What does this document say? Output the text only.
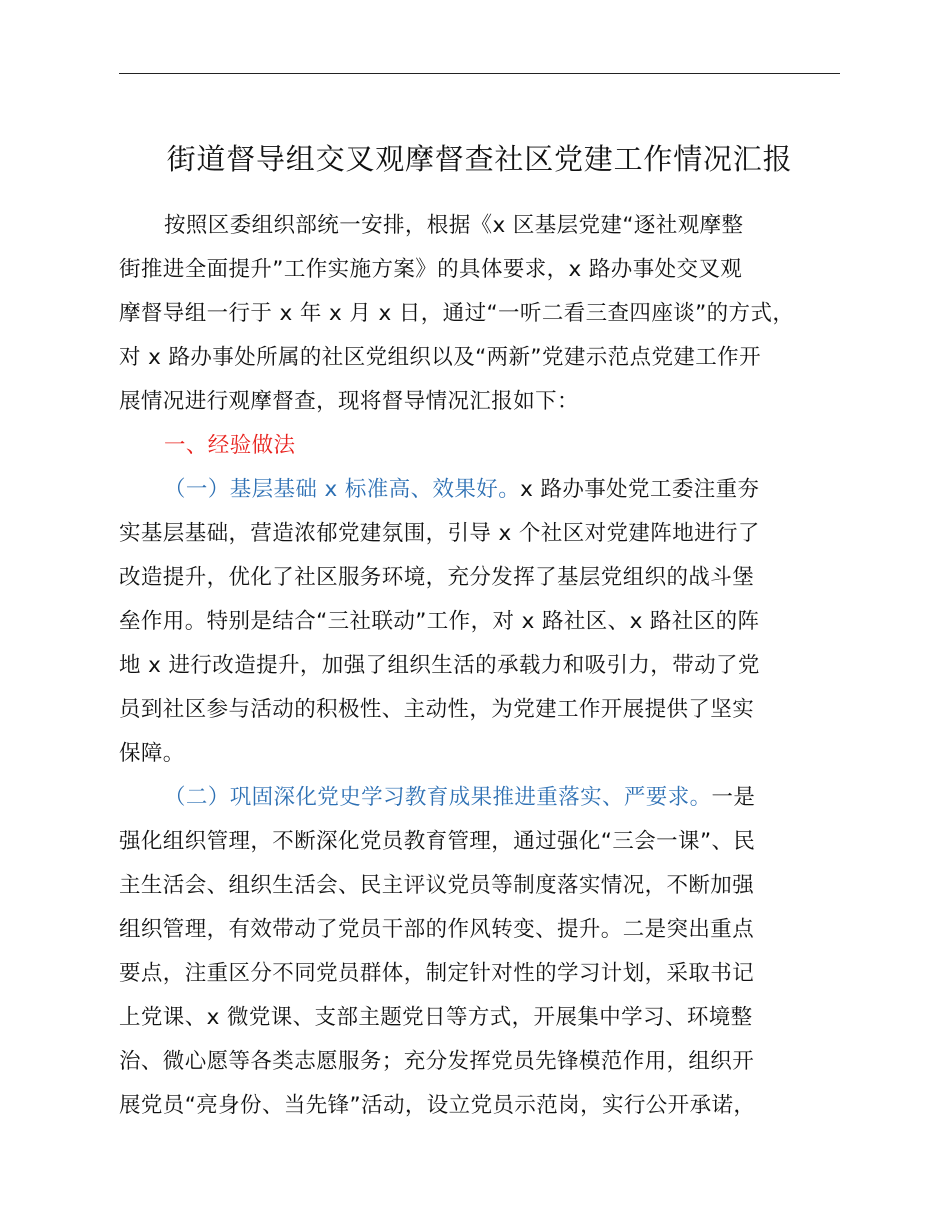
街道督导组交叉观摩督查社区党建工作情况汇报
按照区委组织部统一安排，根据《x 区基层党建“逐社观摩整
街推进全面提升”工作实施方案》的具体要求，x 路办事处交叉观
摩督导组一行于 x 年 x 月 x 日，通过“一听二看三查四座谈”的方式，
对 x 路办事处所属的社区党组织以及“两新”党建示范点党建工作开
展情况进行观摩督查，现将督导情况汇报如下：
一、经验做法
（一）基层基础 x 标准高、效果好。x 路办事处党工委注重夯
实基层基础，营造浓郁党建氛围，引导 x 个社区对党建阵地进行了
改造提升，优化了社区服务环境，充分发挥了基层党组织的战斗堡
垒作用。特别是结合“三社联动”工作，对 x 路社区、x 路社区的阵
地 x 进行改造提升，加强了组织生活的承载力和吸引力，带动了党
员到社区参与活动的积极性、主动性，为党建工作开展提供了坚实
保障。
（二）巩固深化党史学习教育成果推进重落实、严要求。一是
强化组织管理，不断深化党员教育管理，通过强化“三会一课”、民
主生活会、组织生活会、民主评议党员等制度落实情况，不断加强
组织管理，有效带动了党员干部的作风转变、提升。二是突出重点
要点，注重区分不同党员群体，制定针对性的学习计划，采取书记
上党课、x 微党课、支部主题党日等方式，开展集中学习、环境整
治、微心愿等各类志愿服务；充分发挥党员先锋模范作用，组织开
展党员“亮身份、当先锋”活动，设立党员示范岗，实行公开承诺，
